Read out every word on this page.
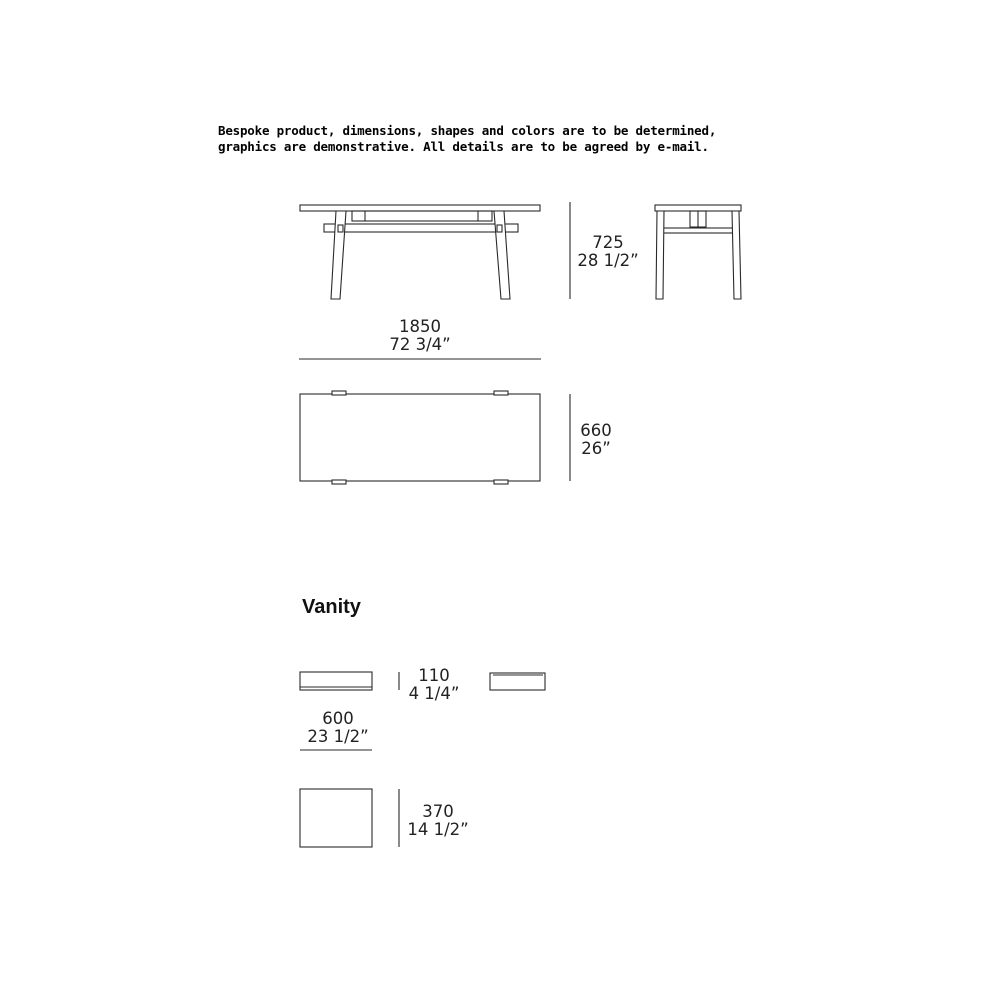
Bespoke product, dimensions, shapes and colors are to be determined,
graphics are demonstrative. All details are to be agreed by e-mail.
725
28 1/2”
1850
72 3/4”
660
26”
Vanity
110
4 1/4”
600
23 1/2”
370
14 1/2”
